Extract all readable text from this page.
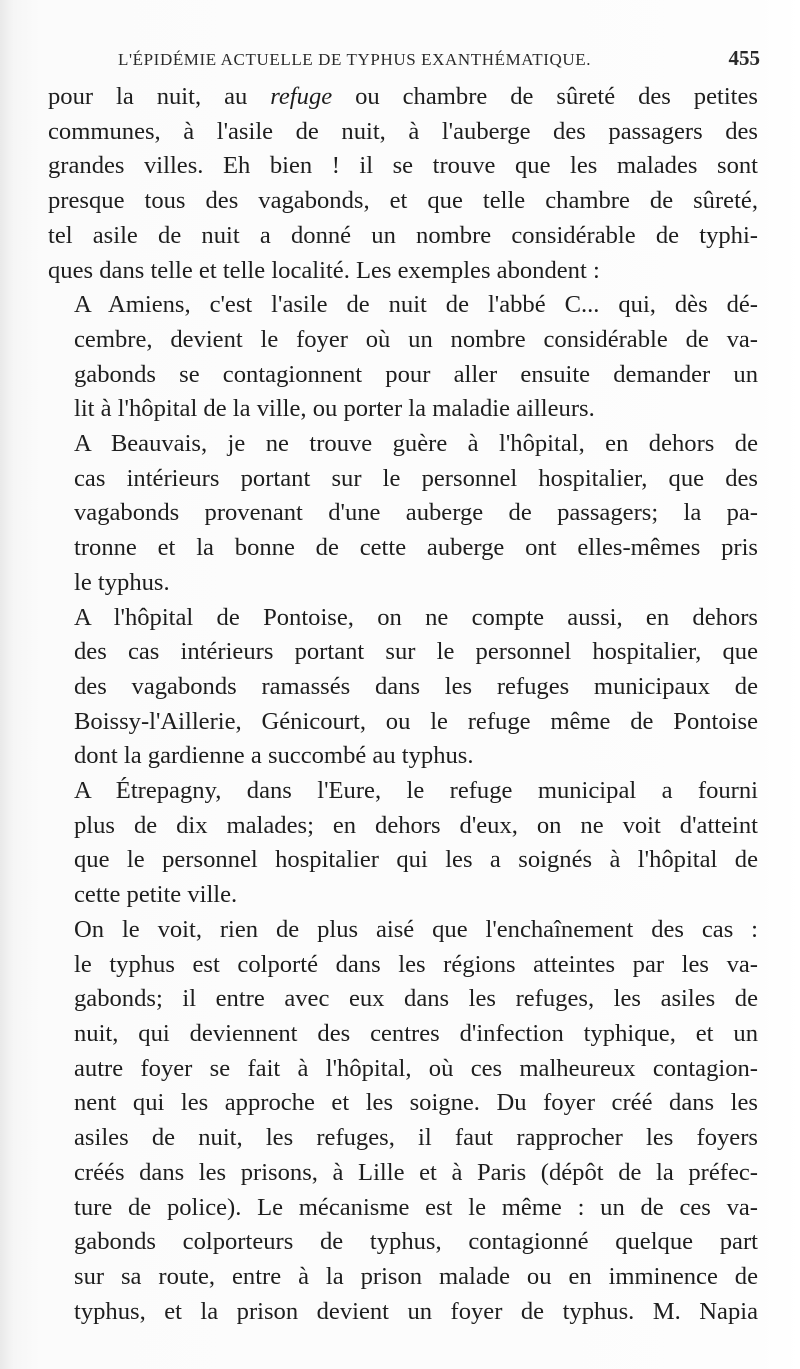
L'ÉPIDÉMIE ACTUELLE DE TYPHUS EXANTHÉMATIQUE.	455

pour la nuit, au refuge ou chambre de sûreté des petites
communes, à l'asile de nuit, à l'auberge des passagers des
grandes villes. Eh bien ! il se trouve que les malades sont
presque tous des vagabonds, et que telle chambre de sûreté,
tel asile de nuit a donné un nombre considérable de typhi-
ques dans telle et telle localité. Les exemples abondent :

A Amiens, c'est l'asile de nuit de l'abbé C... qui, dès dé-
cembre, devient le foyer où un nombre considérable de va-
gabonds se contagionnent pour aller ensuite demander un
lit à l'hôpital de la ville, ou porter la maladie ailleurs.

A Beauvais, je ne trouve guère à l'hôpital, en dehors de
cas intérieurs portant sur le personnel hospitalier, que des
vagabonds provenant d'une auberge de passagers; la pa-
tronne et la bonne de cette auberge ont elles-mêmes pris
le typhus.

A l'hôpital de Pontoise, on ne compte aussi, en dehors
des cas intérieurs portant sur le personnel hospitalier, que
des vagabonds ramassés dans les refuges municipaux de
Boissy-l'Aillerie, Génicourt, ou le refuge même de Pontoise
dont la gardienne a succombé au typhus.

A Étrepagny, dans l'Eure, le refuge municipal a fourni
plus de dix malades; en dehors d'eux, on ne voit d'atteint
que le personnel hospitalier qui les a soignés à l'hôpital de
cette petite ville.

On le voit, rien de plus aisé que l'enchaînement des cas :
le typhus est colporté dans les régions atteintes par les va-
gabonds; il entre avec eux dans les refuges, les asiles de
nuit, qui deviennent des centres d'infection typhique, et un
autre foyer se fait à l'hôpital, où ces malheureux contagion-
nent qui les approche et les soigne. Du foyer créé dans les
asiles de nuit, les refuges, il faut rapprocher les foyers
créés dans les prisons, à Lille et à Paris (dépôt de la préfec-
ture de police). Le mécanisme est le même : un de ces va-
gabonds colporteurs de typhus, contagionné quelque part
sur sa route, entre à la prison malade ou en imminence de
typhus, et la prison devient un foyer de typhus. M. Napia
